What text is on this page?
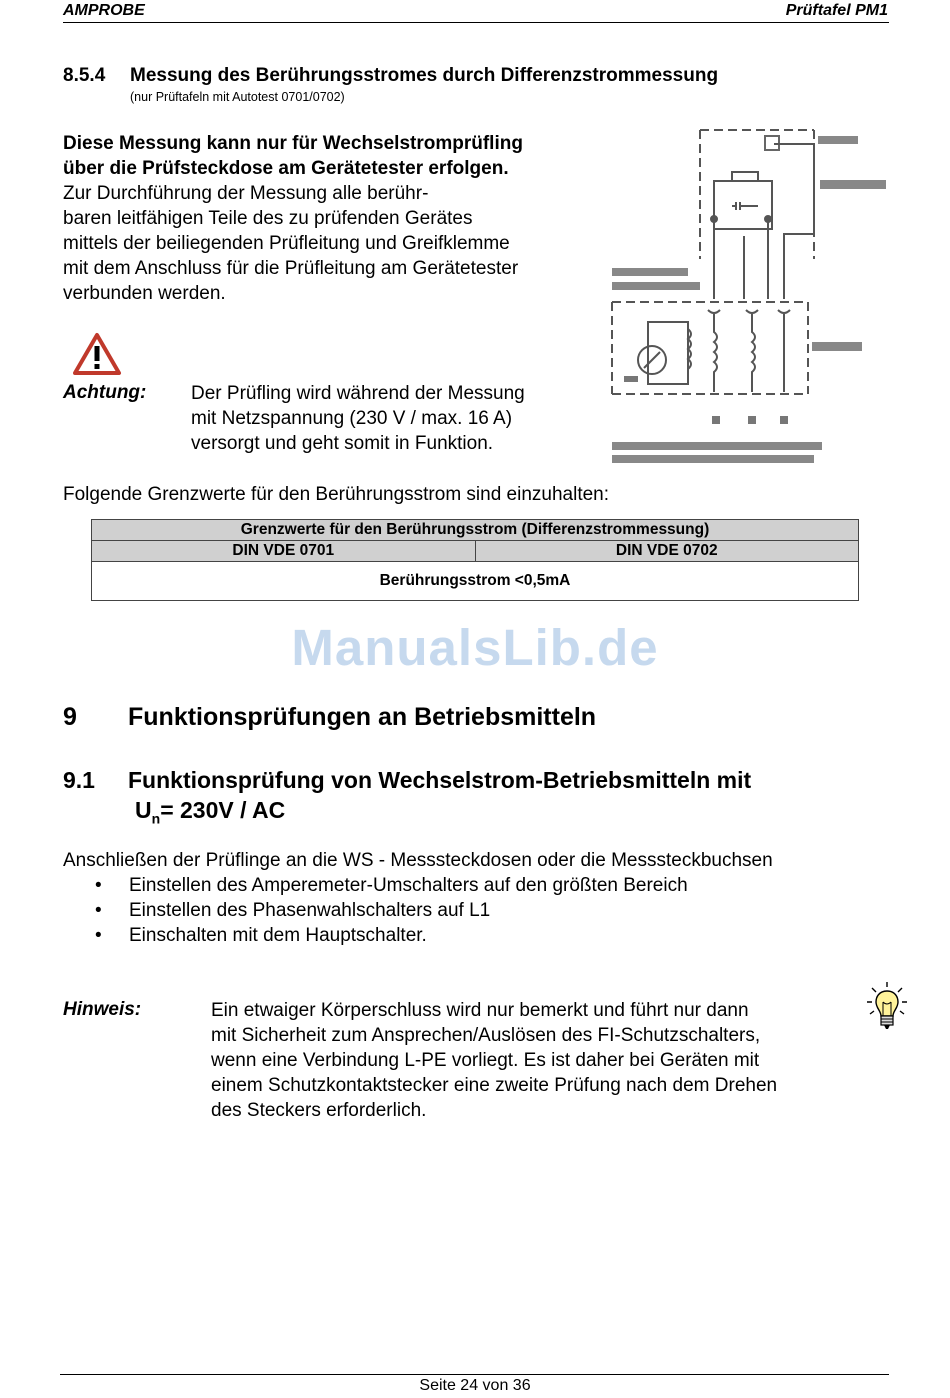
AMPROBE	Prüftafel PM1
8.5.4 Messung des Berührungsstromes durch Differenzstrommessung
(nur Prüftafeln mit Autotest 0701/0702)
Diese Messung kann nur für Wechselstromprüfling
über die Prüfsteckdose am Gerätetester erfolgen.
Zur Durchführung der Messung alle berühr-
baren leitfähigen Teile des zu prüfenden Gerätes
mittels der beiliegenden Prüfleitung und Greifklemme
mit dem Anschluss für die Prüfleitung am Gerätetester
verbunden werden.
Achtung: Der Prüfling wird während der Messung
mit Netzspannung (230 V / max. 16 A)
versorgt und geht somit in Funktion.
Folgende Grenzwerte für den Berührungsstrom sind einzuhalten:
Grenzwerte für den Berührungsstrom (Differenzstrommessung)
DIN VDE 0701	DIN VDE 0702
Berührungsstrom <0,5mA
ManualsLib.de
9 Funktionsprüfungen an Betriebsmitteln
9.1 Funktionsprüfung von Wechselstrom-Betriebsmitteln mit
$U_n= 230V$ / AC
Anschließen der Prüflinge an die WS - Messsteckdosen oder die Messsteckbuchsen
• Einstellen des Amperemeter-Umschalters auf den größten Bereich
• Einstellen des Phasenwahlschalters auf L1
• Einschalten mit dem Hauptschalter.
Hinweis:	Ein etwaiger Körperschluss wird nur bemerkt und führt nur dann
mit Sicherheit zum Ansprechen/Auslösen des FI-Schutzschalters,
wenn eine Verbindung L-PE vorliegt. Es ist daher bei Geräten mit
einem Schutzkontaktstecker eine zweite Prüfung nach dem Drehen
des Steckers erforderlich.
Seite 24 von 36
